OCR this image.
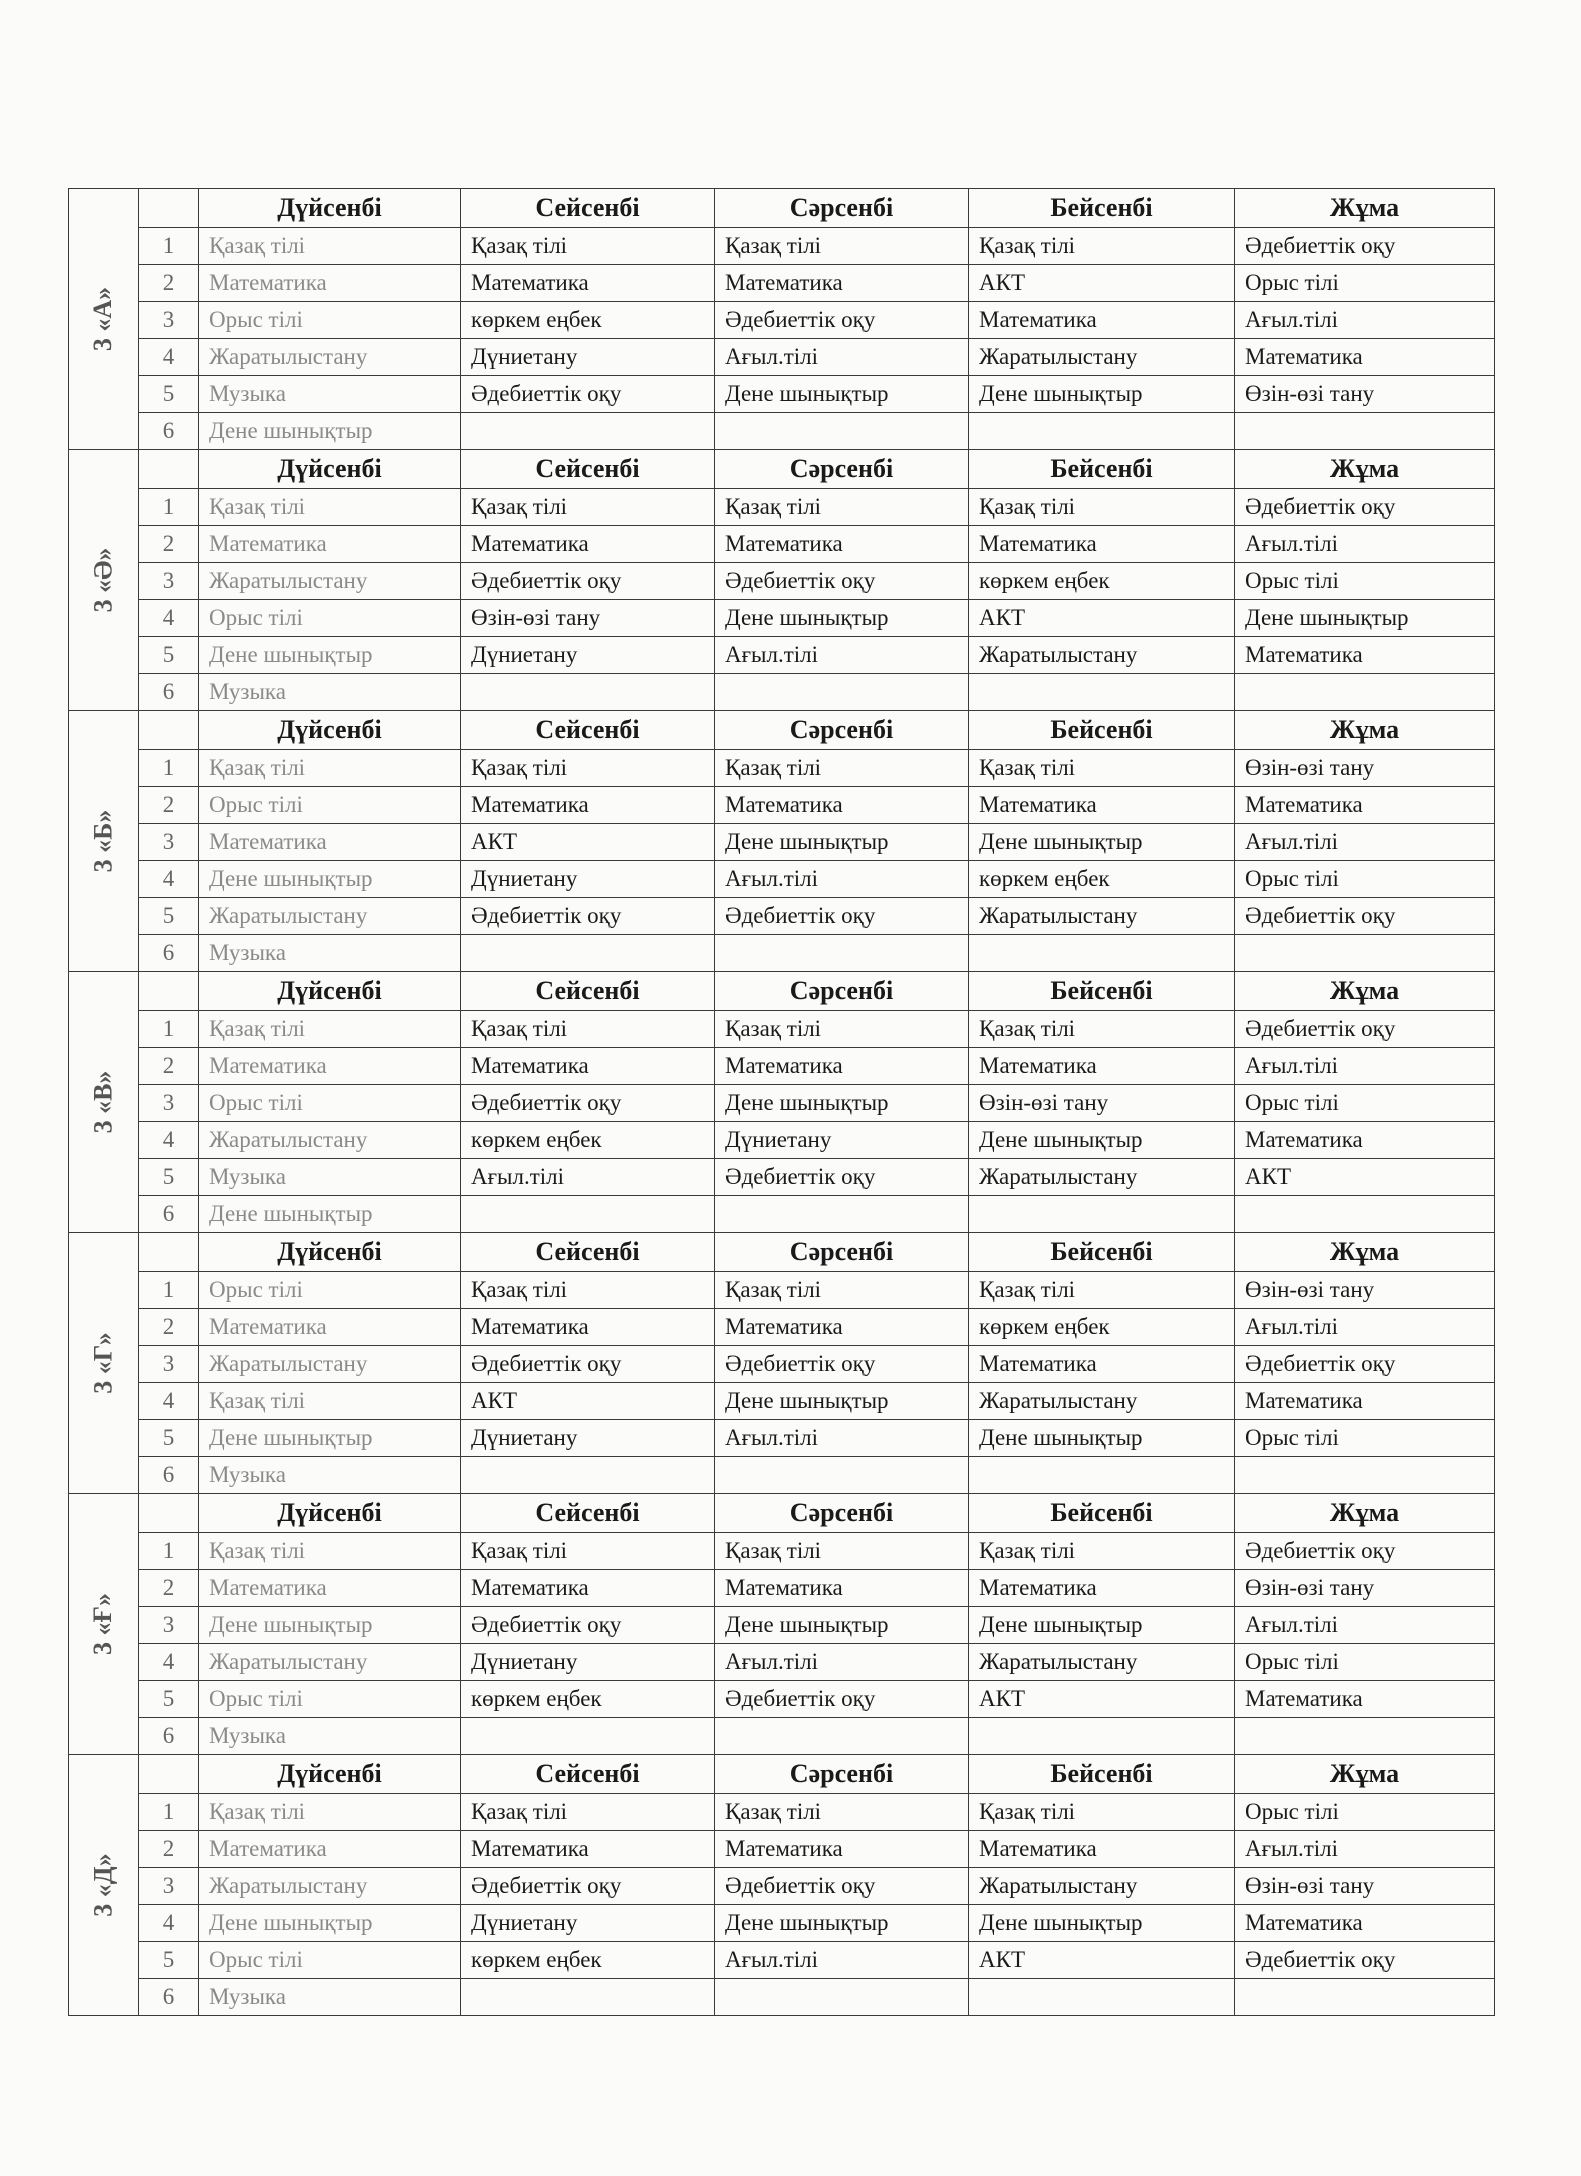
3 «А»		Дүйсенбі	Сейсенбі	Сәрсенбі	Бейсенбі	Жұма
	1	Қазақ тілі	Қазақ тілі	Қазақ тілі	Қазақ тілі	Әдебиеттік оқу
	2	Математика	Математика	Математика	АКТ	Орыс тілі
	3	Орыс тілі	көркем еңбек	Әдебиеттік оқу	Математика	Ағыл.тілі
	4	Жаратылыстану	Дүниетану	Ағыл.тілі	Жаратылыстану	Математика
	5	Музыка	Әдебиеттік оқу	Дене шынықтыр	Дене шынықтыр	Өзін-өзі тану
	6	Дене шынықтыр				
3 «Ә»		Дүйсенбі	Сейсенбі	Сәрсенбі	Бейсенбі	Жұма
	1	Қазақ тілі	Қазақ тілі	Қазақ тілі	Қазақ тілі	Әдебиеттік оқу
	2	Математика	Математика	Математика	Математика	Ағыл.тілі
	3	Жаратылыстану	Әдебиеттік оқу	Әдебиеттік оқу	көркем еңбек	Орыс тілі
	4	Орыс тілі	Өзін-өзі тану	Дене шынықтыр	АКТ	Дене шынықтыр
	5	Дене шынықтыр	Дүниетану	Ағыл.тілі	Жаратылыстану	Математика
	6	Музыка				
3 «Б»		Дүйсенбі	Сейсенбі	Сәрсенбі	Бейсенбі	Жұма
	1	Қазақ тілі	Қазақ тілі	Қазақ тілі	Қазақ тілі	Өзін-өзі тану
	2	Орыс тілі	Математика	Математика	Математика	Математика
	3	Математика	АКТ	Дене шынықтыр	Дене шынықтыр	Ағыл.тілі
	4	Дене шынықтыр	Дүниетану	Ағыл.тілі	көркем еңбек	Орыс тілі
	5	Жаратылыстану	Әдебиеттік оқу	Әдебиеттік оқу	Жаратылыстану	Әдебиеттік оқу
	6	Музыка				
3 «В»		Дүйсенбі	Сейсенбі	Сәрсенбі	Бейсенбі	Жұма
	1	Қазақ тілі	Қазақ тілі	Қазақ тілі	Қазақ тілі	Әдебиеттік оқу
	2	Математика	Математика	Математика	Математика	Ағыл.тілі
	3	Орыс тілі	Әдебиеттік оқу	Дене шынықтыр	Өзін-өзі тану	Орыс тілі
	4	Жаратылыстану	көркем еңбек	Дүниетану	Дене шынықтыр	Математика
	5	Музыка	Ағыл.тілі	Әдебиеттік оқу	Жаратылыстану	АКТ
	6	Дене шынықтыр				
3 «Г»		Дүйсенбі	Сейсенбі	Сәрсенбі	Бейсенбі	Жұма
	1	Орыс тілі	Қазақ тілі	Қазақ тілі	Қазақ тілі	Өзін-өзі тану
	2	Математика	Математика	Математика	көркем еңбек	Ағыл.тілі
	3	Жаратылыстану	Әдебиеттік оқу	Әдебиеттік оқу	Математика	Әдебиеттік оқу
	4	Қазақ тілі	АКТ	Дене шынықтыр	Жаратылыстану	Математика
	5	Дене шынықтыр	Дүниетану	Ағыл.тілі	Дене шынықтыр	Орыс тілі
	6	Музыка				
3 «Ғ»		Дүйсенбі	Сейсенбі	Сәрсенбі	Бейсенбі	Жұма
	1	Қазақ тілі	Қазақ тілі	Қазақ тілі	Қазақ тілі	Әдебиеттік оқу
	2	Математика	Математика	Математика	Математика	Өзін-өзі тану
	3	Дене шынықтыр	Әдебиеттік оқу	Дене шынықтыр	Дене шынықтыр	Ағыл.тілі
	4	Жаратылыстану	Дүниетану	Ағыл.тілі	Жаратылыстану	Орыс тілі
	5	Орыс тілі	көркем еңбек	Әдебиеттік оқу	АКТ	Математика
	6	Музыка				
3 «Д»		Дүйсенбі	Сейсенбі	Сәрсенбі	Бейсенбі	Жұма
	1	Қазақ тілі	Қазақ тілі	Қазақ тілі	Қазақ тілі	Орыс тілі
	2	Математика	Математика	Математика	Математика	Ағыл.тілі
	3	Жаратылыстану	Әдебиеттік оқу	Әдебиеттік оқу	Жаратылыстану	Өзін-өзі тану
	4	Дене шынықтыр	Дүниетану	Дене шынықтыр	Дене шынықтыр	Математика
	5	Орыс тілі	көркем еңбек	Ағыл.тілі	АКТ	Әдебиеттік оқу
	6	Музыка				
